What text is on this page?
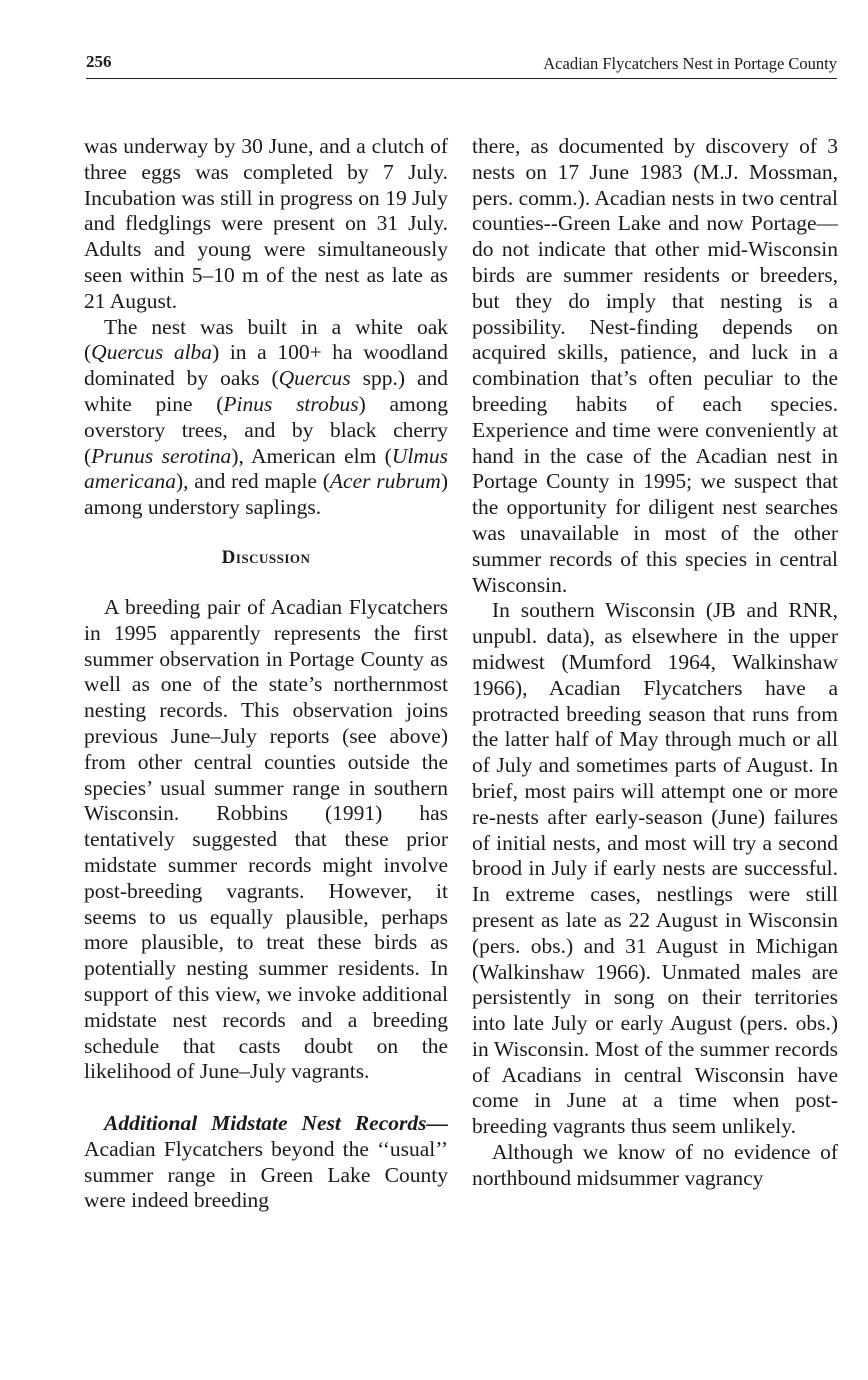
256	Acadian Flycatchers Nest in Portage County

was underway by 30 June, and a clutch of three eggs was completed by 7 July. Incubation was still in progress on 19 July and fledglings were present on 31 July. Adults and young were simultaneously seen within 5–10 m of the nest as late as 21 August.

The nest was built in a white oak (Quercus alba) in a 100+ ha woodland dominated by oaks (Quercus spp.) and white pine (Pinus strobus) among overstory trees, and by black cherry (Prunus serotina), American elm (Ulmus americana), and red maple (Acer rubrum) among understory saplings.

Discussion

A breeding pair of Acadian Flycatchers in 1995 apparently represents the first summer observation in Portage County as well as one of the state’s northernmost nesting records. This observation joins previous June–July reports (see above) from other central counties outside the species’ usual summer range in southern Wisconsin. Robbins (1991) has tentatively suggested that these prior midstate summer records might involve post-breeding vagrants. However, it seems to us equally plausible, perhaps more plausible, to treat these birds as potentially nesting summer residents. In support of this view, we invoke additional midstate nest records and a breeding schedule that casts doubt on the likelihood of June–July vagrants.

Additional Midstate Nest Records— Acadian Flycatchers beyond the ‘‘usual’’ summer range in Green Lake County were indeed breeding

there, as documented by discovery of 3 nests on 17 June 1983 (M.J. Mossman, pers. comm.). Acadian nests in two central counties--Green Lake and now Portage—do not indicate that other mid-Wisconsin birds are summer residents or breeders, but they do imply that nesting is a possibility. Nest-finding depends on acquired skills, patience, and luck in a combination that’s often peculiar to the breeding habits of each species. Experience and time were conveniently at hand in the case of the Acadian nest in Portage County in 1995; we suspect that the opportunity for diligent nest searches was unavailable in most of the other summer records of this species in central Wisconsin.

In southern Wisconsin (JB and RNR, unpubl. data), as elsewhere in the upper midwest (Mumford 1964, Walkinshaw 1966), Acadian Flycatchers have a protracted breeding season that runs from the latter half of May through much or all of July and sometimes parts of August. In brief, most pairs will attempt one or more re-nests after early-season (June) failures of initial nests, and most will try a second brood in July if early nests are successful. In extreme cases, nestlings were still present as late as 22 August in Wisconsin (pers. obs.) and 31 August in Michigan (Walkinshaw 1966). Unmated males are persistently in song on their territories into late July or early August (pers. obs.) in Wisconsin. Most of the summer records of Acadians in central Wisconsin have come in June at a time when post-breeding vagrants thus seem unlikely.

Although we know of no evidence of northbound midsummer vagrancy
